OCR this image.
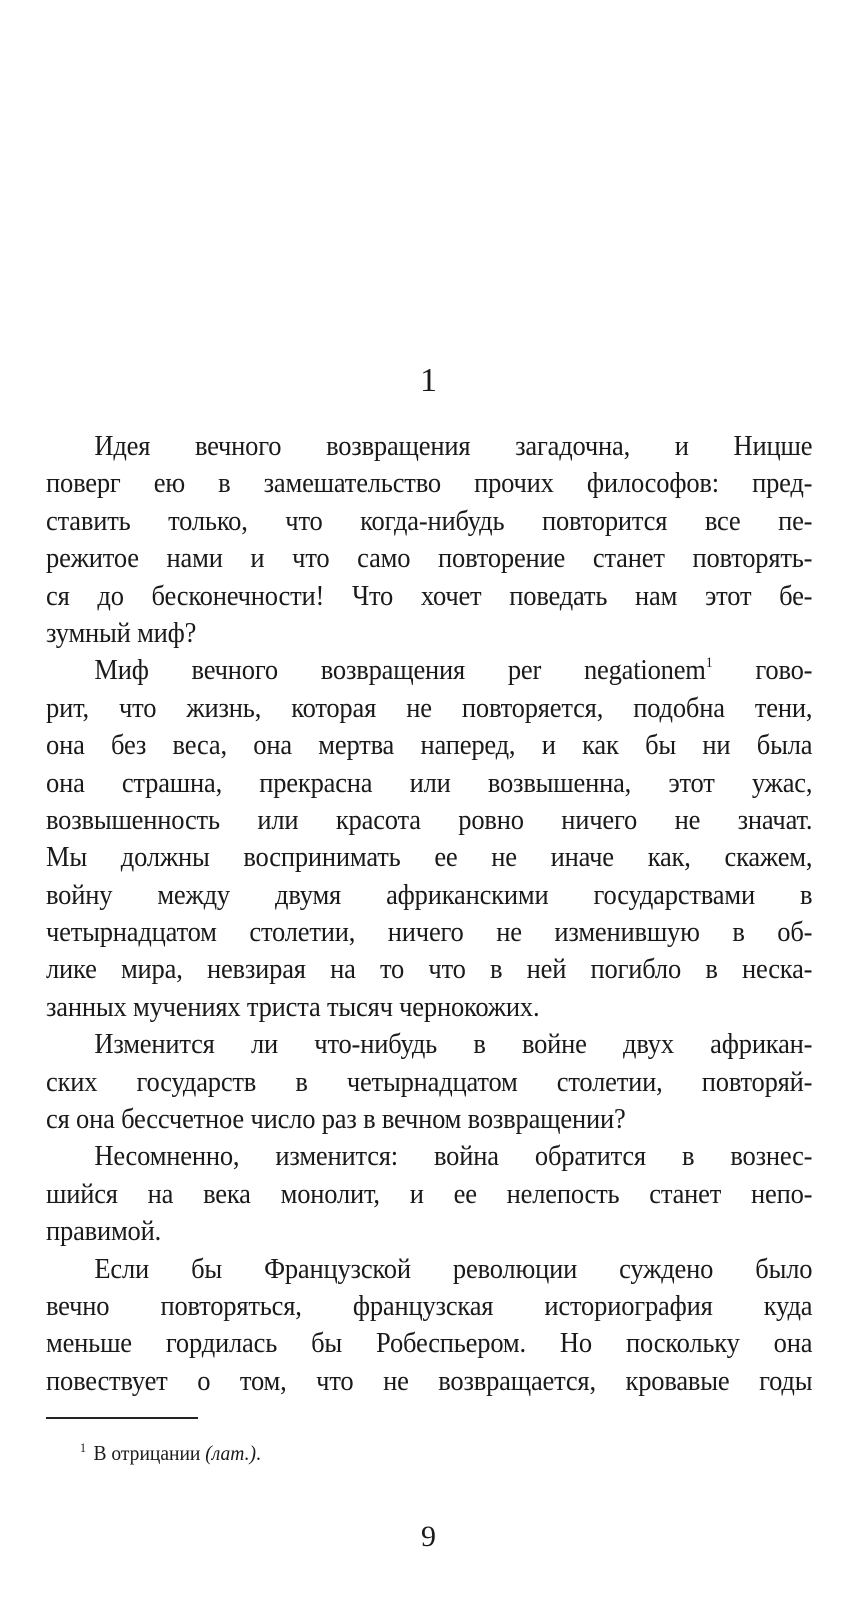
1
Идея вечного возвращения загадочна, и Ницше
поверг ею в замешательство прочих философов: пред-
ставить только, что когда-нибудь повторится все пе-
режитое нами и что само повторение станет повторять-
ся до бесконечности! Что хочет поведать нам этот бе-
зумный миф?
Миф вечного возвращения per negationem$^1$ гово-
рит, что жизнь, которая не повторяется, подобна тени,
она без веса, она мертва наперед, и как бы ни была
она страшна, прекрасна или возвышенна, этот ужас,
возвышенность или красота ровно ничего не значат.
Мы должны воспринимать ее не иначе как, скажем,
войну между двумя африканскими государствами в
четырнадцатом столетии, ничего не изменившую в об-
лике мира, невзирая на то что в ней погибло в неска-
занных мучениях триста тысяч чернокожих.
Изменится ли что-нибудь в войне двух африкан-
ских государств в четырнадцатом столетии, повторяй-
ся она бессчетное число раз в вечном возвращении?
Несомненно, изменится: война обратится в вознес-
шийся на века монолит, и ее нелепость станет непо-
правимой.
Если бы Французской революции суждено было
вечно повторяться, французская историография куда
меньше гордилась бы Робеспьером. Но поскольку она
повествует о том, что не возвращается, кровавые годы
$^1$ В отрицании (лат.).
9
